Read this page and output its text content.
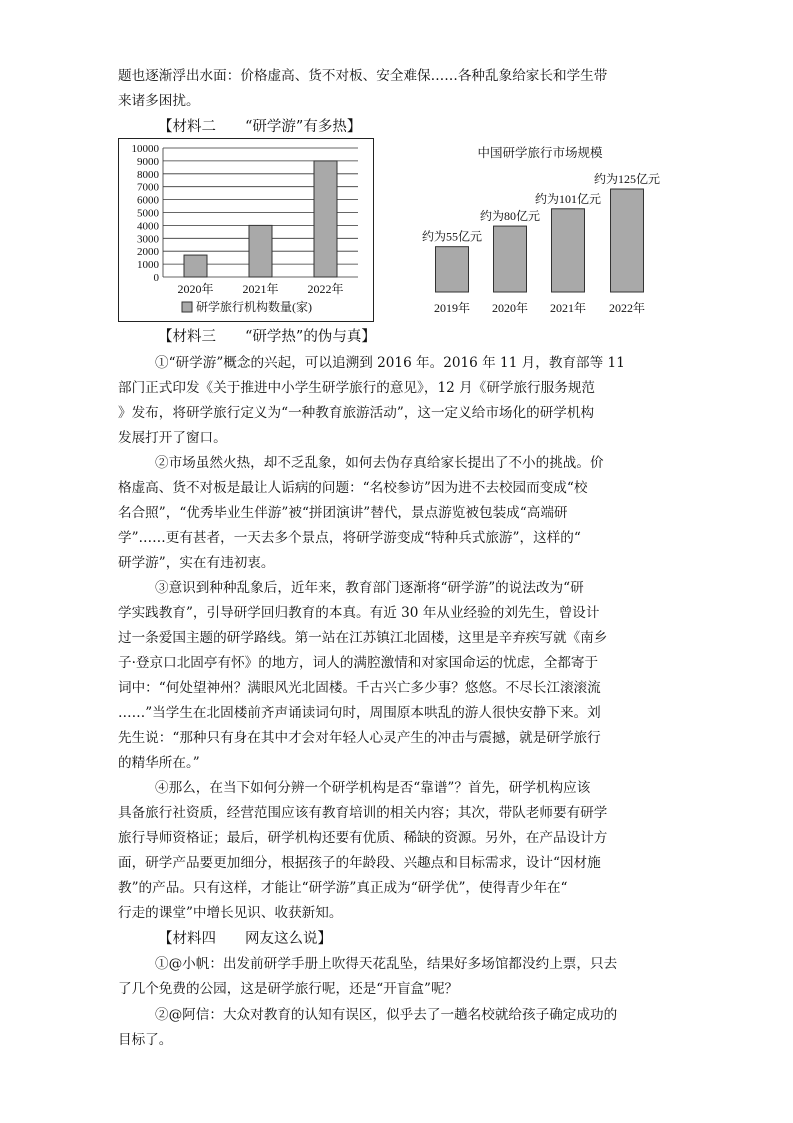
题也逐渐浮出水面：价格虚高、货不对板、安全难保……各种乱象给家长和学生带
来诸多困扰。
【材料二　　“研学游”有多热】
0
1000
2000
3000
4000
5000
6000
7000
8000
9000
10000
2020年 2021年 2022年
研学旅行机构数量(家)
中国研学旅行市场规模
约为55亿元
2019年
约为80亿元
2020年
约为101亿元
2021年
约为125亿元
2022年
【材料三　　“研学热”的伪与真】
①“研学游”概念的兴起，可以追溯到 2016 年。2016 年 11 月，教育部等 11
部门正式印发《关于推进中小学生研学旅行的意见》，12 月《研学旅行服务规范
》发布，将研学旅行定义为“一种教育旅游活动”，这一定义给市场化的研学机构
发展打开了窗口。
②市场虽然火热，却不乏乱象，如何去伪存真给家长提出了不小的挑战。价
格虚高、货不对板是最让人诟病的问题：“名校参访”因为进不去校园而变成“校
名合照”，“优秀毕业生伴游”被“拼团演讲”替代，景点游览被包装成“高端研
学”……更有甚者，一天去多个景点，将研学游变成“特种兵式旅游”，这样的“
研学游”，实在有违初衷。
③意识到种种乱象后，近年来，教育部门逐渐将“研学游”的说法改为“研
学实践教育”，引导研学回归教育的本真。有近 30 年从业经验的刘先生，曾设计
过一条爱国主题的研学路线。第一站在江苏镇江北固楼，这里是辛弃疾写就《南乡
子·登京口北固亭有怀》的地方，词人的满腔激情和对家国命运的忧虑，全都寄于
词中：“何处望神州？满眼风光北固楼。千古兴亡多少事？悠悠。不尽长江滚滚流
……”当学生在北固楼前齐声诵读词句时，周围原本哄乱的游人很快安静下来。刘
先生说：“那种只有身在其中才会对年轻人心灵产生的冲击与震撼，就是研学旅行
的精华所在。”
④那么，在当下如何分辨一个研学机构是否“靠谱”？首先，研学机构应该
具备旅行社资质，经营范围应该有教育培训的相关内容；其次，带队老师要有研学
旅行导师资格证；最后，研学机构还要有优质、稀缺的资源。另外，在产品设计方
面，研学产品要更加细分，根据孩子的年龄段、兴趣点和目标需求，设计“因材施
教”的产品。只有这样，才能让“研学游”真正成为“研学优”，使得青少年在“
行走的课堂”中增长见识、收获新知。
【材料四　　网友这么说】
①@小帆：出发前研学手册上吹得天花乱坠，结果好多场馆都没约上票，只去
了几个免费的公园，这是研学旅行呢，还是“开盲盒”呢？
②@阿信：大众对教育的认知有误区，似乎去了一趟名校就给孩子确定成功的
目标了。
